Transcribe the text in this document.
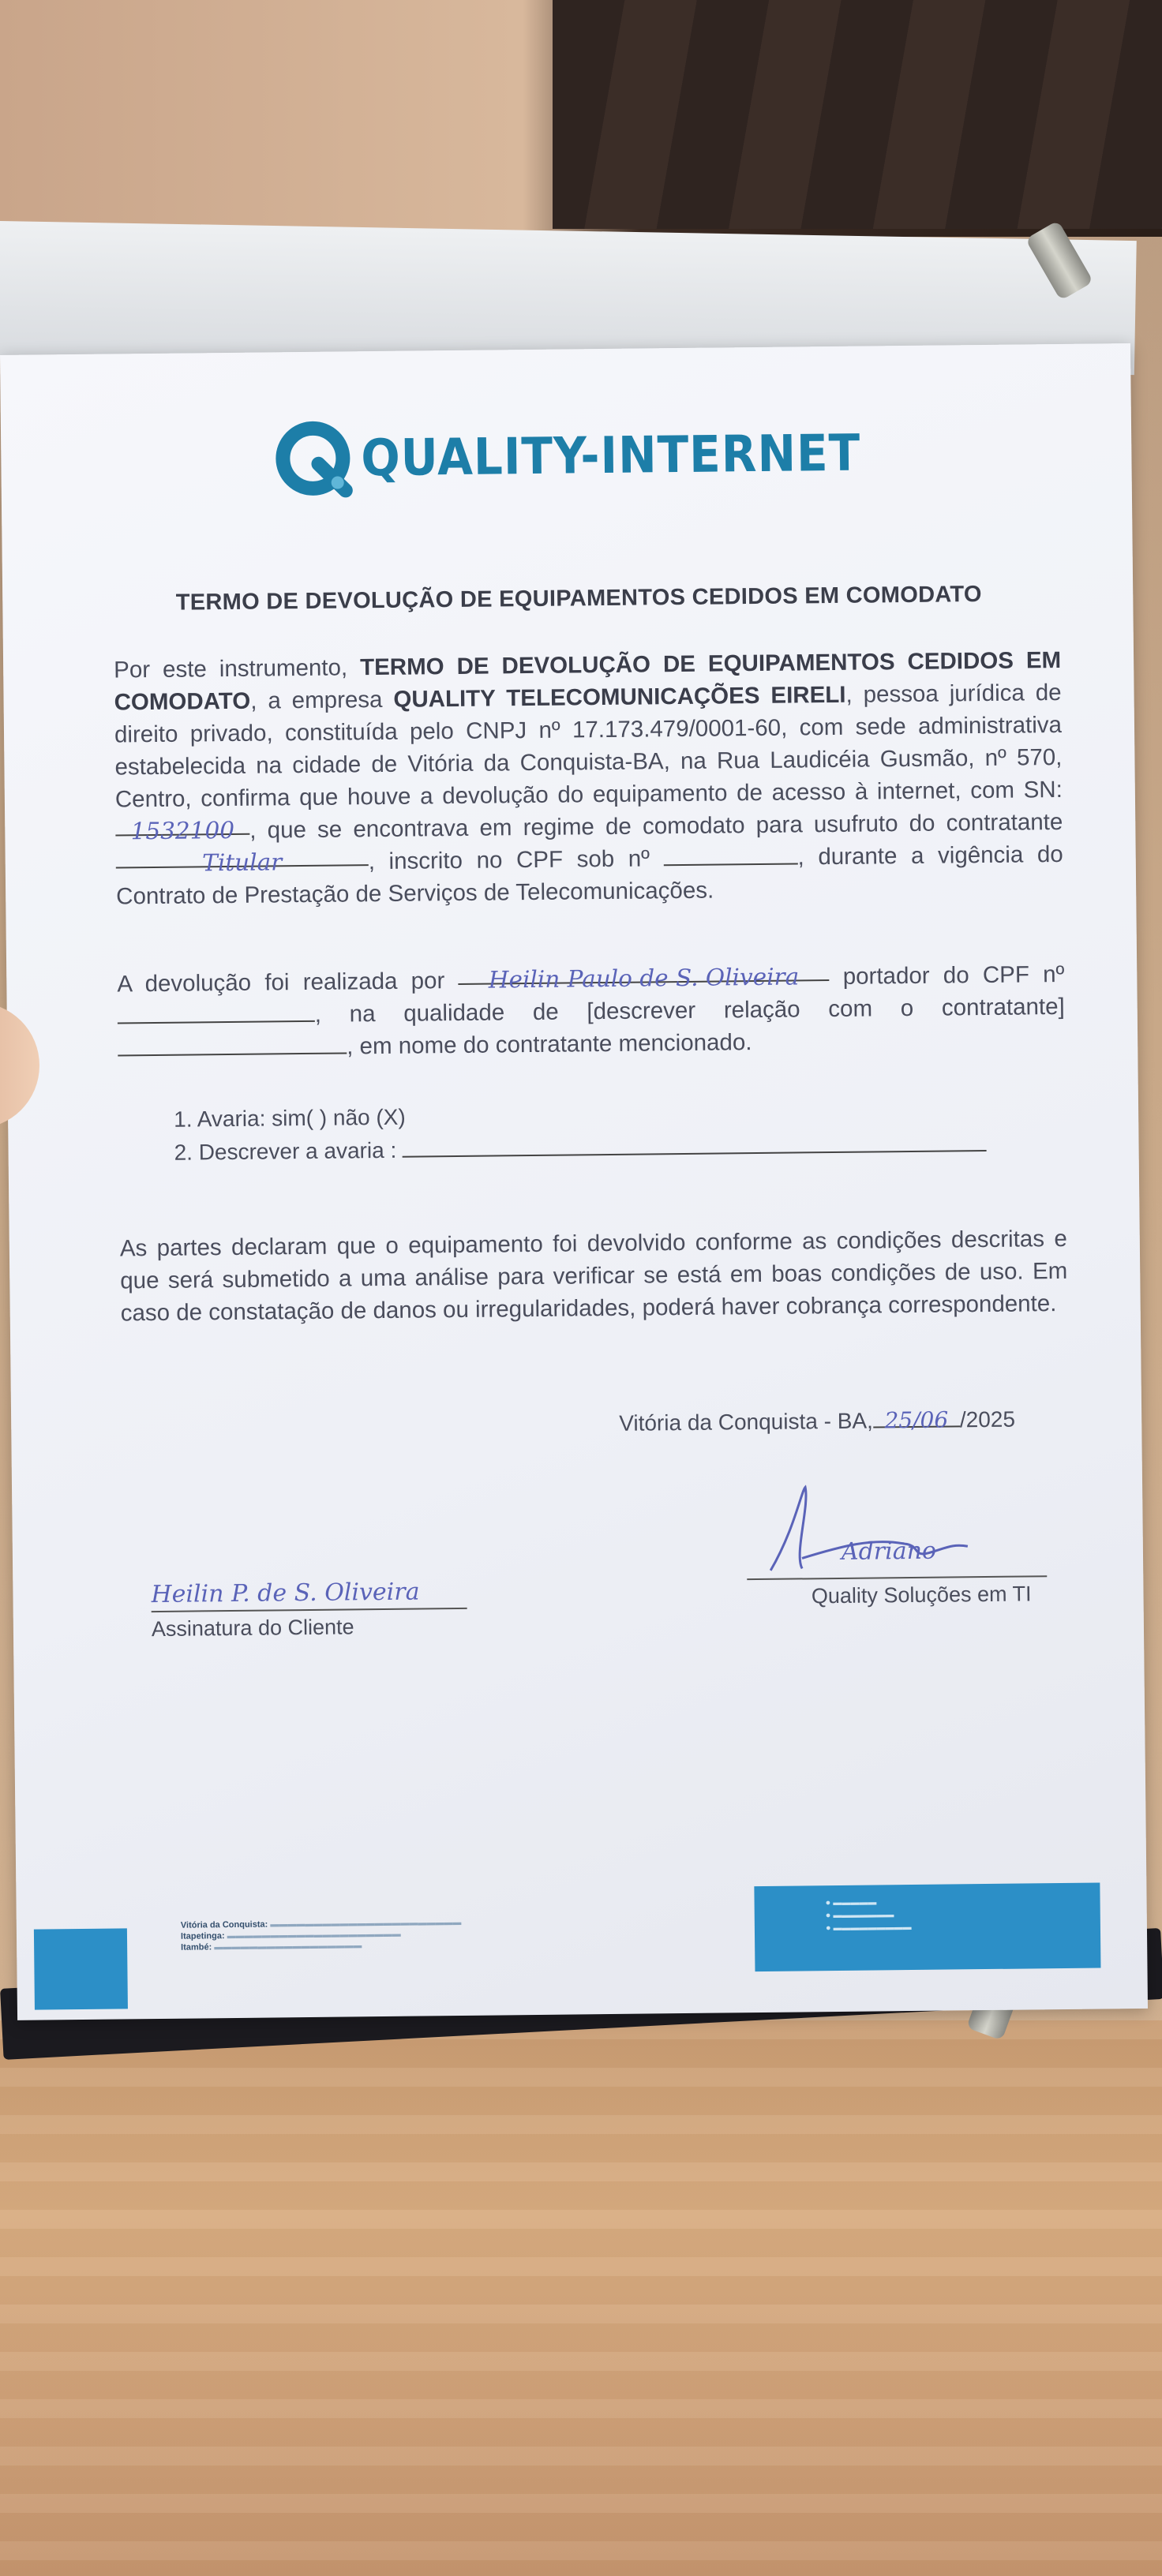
QUALITY-INTERNET
TERMO DE DEVOLUÇÃO DE EQUIPAMENTOS CEDIDOS EM COMODATO
Por este instrumento, TERMO DE DEVOLUÇÃO DE EQUIPAMENTOS CEDIDOS EM COMODATO, a empresa QUALITY TELECOMUNICAÇÕES EIRELI, pessoa jurídica de direito privado, constituída pelo CNPJ nº 17.173.479/0001-60, com sede administrativa estabelecida na cidade de Vitória da Conquista-BA, na Rua Laudicéia Gusmão, nº 570, Centro, confirma que houve a devolução do equipamento de acesso à internet, com SN:1532100 , que se encontrava em regime de comodato para usufruto do contratante Titular	, inscrito no CPF sob nº	, durante a vigência do Contrato de Prestação de Serviços de Telecomunicações.
A devolução foi realizada por Heilin Paulo de S. Oliveira portador do CPF nº , na qualidade de [descrever relação com o contratante], em nome do contratante mencionado.
1. Avaria: sim( ) não (X)
2. Descrever a avaria :
As partes declaram que o equipamento foi devolvido conforme as condições descritas e que será submetido a uma análise para verificar se está em boas condições de uso. Em caso de constatação de danos ou irregularidades, poderá haver cobrança correspondente.
Vitória da Conquista - BA, 25/06 /2025
Heilin P. de S. Oliveira
Assinatura do Cliente
Adriano
Quality Soluções em TI
Vitória da Conquista: ▬▬▬▬▬▬▬▬▬▬▬▬▬▬▬▬▬▬▬▬▬▬
Itapetinga: ▬▬▬▬▬▬▬▬▬▬▬▬▬▬▬▬▬▬▬▬
Itambé: ▬▬▬▬▬▬▬▬▬▬▬▬▬▬▬▬▬
● ▬▬▬▬▬
● ▬▬▬▬▬▬▬
● ▬▬▬▬▬▬▬▬▬
